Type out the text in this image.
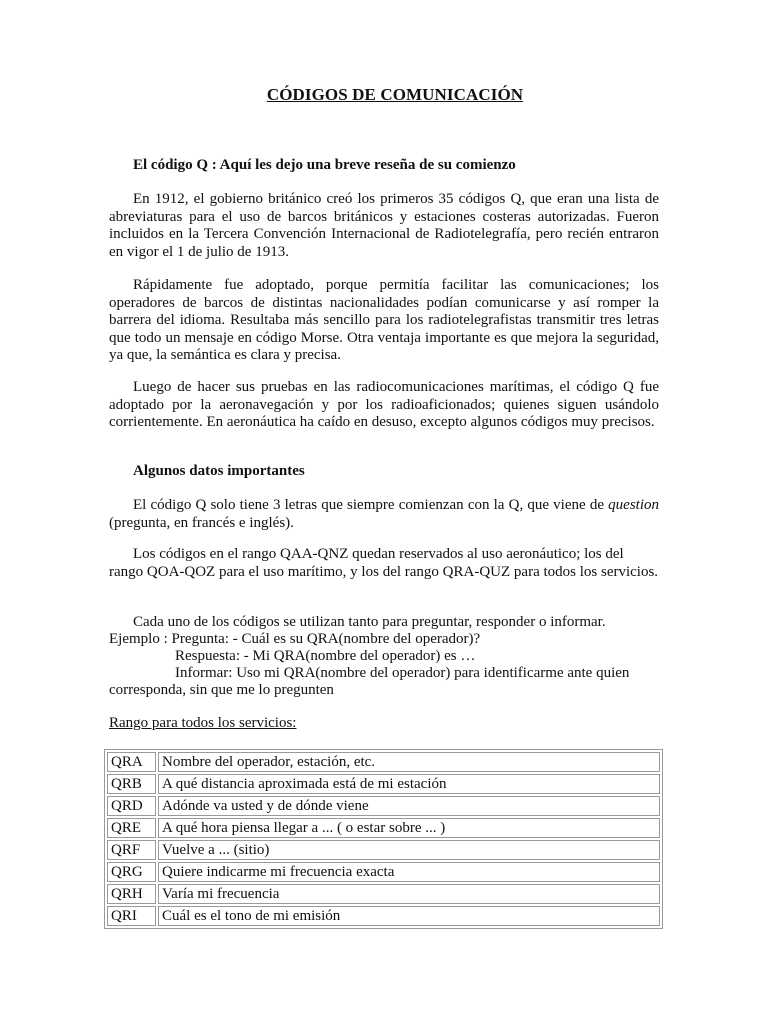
CÓDIGOS DE COMUNICACIÓN
El código Q : Aquí les dejo una breve reseña de su comienzo
En 1912, el gobierno británico creó los primeros 35 códigos Q, que eran una lista de abreviaturas para el uso de barcos británicos y estaciones costeras autorizadas. Fueron incluidos en la Tercera Convención Internacional de Radiotelegrafía, pero recién entraron en vigor el 1 de julio de 1913.
Rápidamente fue adoptado, porque permitía facilitar las comunicaciones; los operadores de barcos de distintas nacionalidades podían comunicarse y así romper la barrera del idioma. Resultaba más sencillo para los radiotelegrafistas transmitir tres letras que todo un mensaje en código Morse. Otra ventaja importante es que mejora la seguridad, ya que, la semántica es clara y precisa.
Luego de hacer sus pruebas en las radiocomunicaciones marítimas, el código Q fue adoptado por la aeronavegación y por los radioaficionados; quienes siguen usándolo corrientemente. En aeronáutica ha caído en desuso, excepto algunos códigos muy precisos.
Algunos datos importantes
El código Q solo tiene 3 letras que siempre comienzan con la Q, que viene de question (pregunta, en francés e inglés).
Los códigos en el rango QAA-QNZ quedan reservados al uso aeronáutico; los del rango QOA-QOZ para el uso marítimo, y los del rango QRA-QUZ para todos los servicios.
Cada uno de los códigos se utilizan tanto para preguntar, responder o informar.
Ejemplo : Pregunta: - Cuál es su QRA(nombre del operador)?
Respuesta: - Mi QRA(nombre del operador) es …
Informar: Uso mi QRA(nombre del operador) para identificarme ante quien
corresponda, sin que me lo pregunten
Rango para todos los servicios:
QRA	Nombre del operador, estación, etc.
QRB	A qué distancia aproximada está de mi estación
QRD	Adónde va usted y de dónde viene
QRE	A qué hora piensa llegar a ... ( o estar sobre ... )
QRF	Vuelve a ... (sitio)
QRG	Quiere indicarme mi frecuencia exacta
QRH	Varía mi frecuencia
QRI	Cuál es el tono de mi emisión
